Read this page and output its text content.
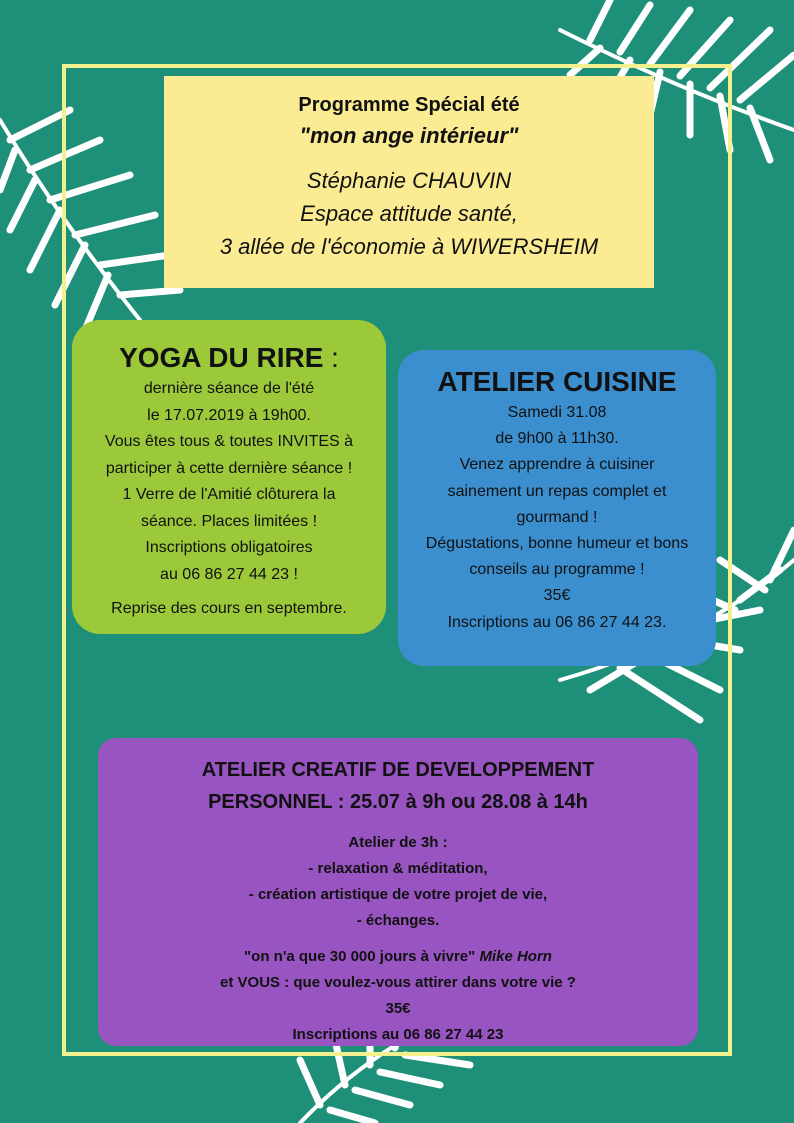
Programme Spécial été
"mon ange intérieur"
Stéphanie CHAUVIN
Espace attitude santé,
3 allée de l'économie à WIWERSHEIM
YOGA DU RIRE :
dernière séance de l'été
le 17.07.2019 à 19h00.
Vous êtes tous & toutes INVITES à
participer à cette dernière séance !
1 Verre de l'Amitié clôturera la
séance. Places limitées !
Inscriptions obligatoires
au 06 86 27 44 23 !
Reprise des cours en septembre.
ATELIER CUISINE
Samedi 31.08
de 9h00 à 11h30.
Venez apprendre à cuisiner
sainement un repas complet et
gourmand !
Dégustations, bonne humeur et bons
conseils au programme !
35€
Inscriptions au 06 86 27 44 23.
ATELIER CREATIF DE DEVELOPPEMENT
PERSONNEL : 25.07 à 9h ou 28.08 à 14h
Atelier de 3h :
- relaxation & méditation,
- création artistique de votre projet de vie,
- échanges.
"on n'a que 30 000 jours à vivre" Mike Horn
et VOUS : que voulez-vous attirer dans votre vie ?
35€
Inscriptions au 06 86 27 44 23
